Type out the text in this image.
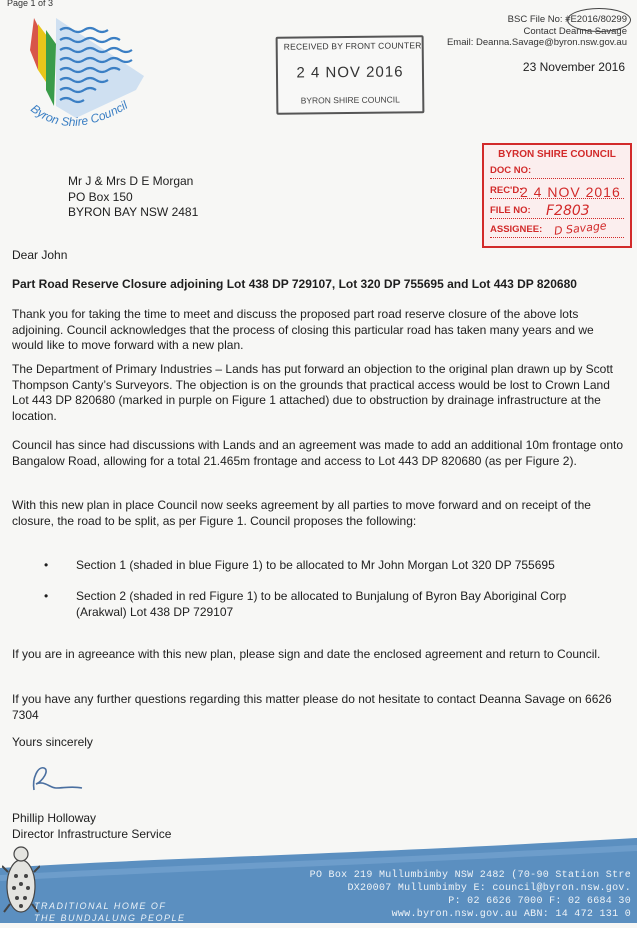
Page 1 of 3
Byron Shire Council
RECEIVED BY FRONT COUNTER
2 4 NOV 2016
BYRON SHIRE COUNCIL
BSC File No: #E2016/80299
Contact Deanna Savage
Email: Deanna.Savage@byron.nsw.gov.au
23 November 2016
BYRON SHIRE COUNCIL
DOC NO:
REC'D:
2 4 NOV 2016
FILE NO:	F2803
ASSIGNEE:	D Savage
Mr J & Mrs D E Morgan
PO Box 150
BYRON BAY NSW 2481
Dear John
Part Road Reserve Closure adjoining Lot 438 DP 729107, Lot 320 DP 755695 and Lot 443 DP 820680
Thank you for taking the time to meet and discuss the proposed part road reserve closure of the above lots adjoining. Council acknowledges that the process of closing this particular road has taken many years and we would like to move forward with a new plan.
The Department of Primary Industries – Lands has put forward an objection to the original plan drawn up by Scott Thompson Canty’s Surveyors. The objection is on the grounds that practical access would be lost to Crown Land Lot 443 DP 820680 (marked in purple on Figure 1 attached) due to obstruction by drainage infrastructure at the location.
Council has since had discussions with Lands and an agreement was made to add an additional 10m frontage onto Bangalow Road, allowing for a total 21.465m frontage and access to Lot 443 DP 820680 (as per Figure 2).
With this new plan in place Council now seeks agreement by all parties to move forward and on receipt of the closure, the road to be split, as per Figure 1. Council proposes the following:
• Section 1 (shaded in blue Figure 1) to be allocated to Mr John Morgan Lot 320 DP 755695
• Section 2 (shaded in red Figure 1) to be allocated to Bunjalung of Byron Bay Aboriginal Corp (Arakwal) Lot 438 DP 729107
If you are in agreeance with this new plan, please sign and date the enclosed agreement and return to Council.
If you have any further questions regarding this matter please do not hesitate to contact Deanna Savage on 6626 7304
Yours sincerely
Phillip Holloway
Director Infrastructure Service
PO Box 219 Mullumbimby NSW 2482 (70-90 Station Stre
DX20007 Mullumbimby E: council@byron.nsw.gov.
P: 02 6626 7000 F: 02 6684 30
www.byron.nsw.gov.au ABN: 14 472 131 0
TRADITIONAL HOME OF
THE BUNDJALUNG PEOPLE
